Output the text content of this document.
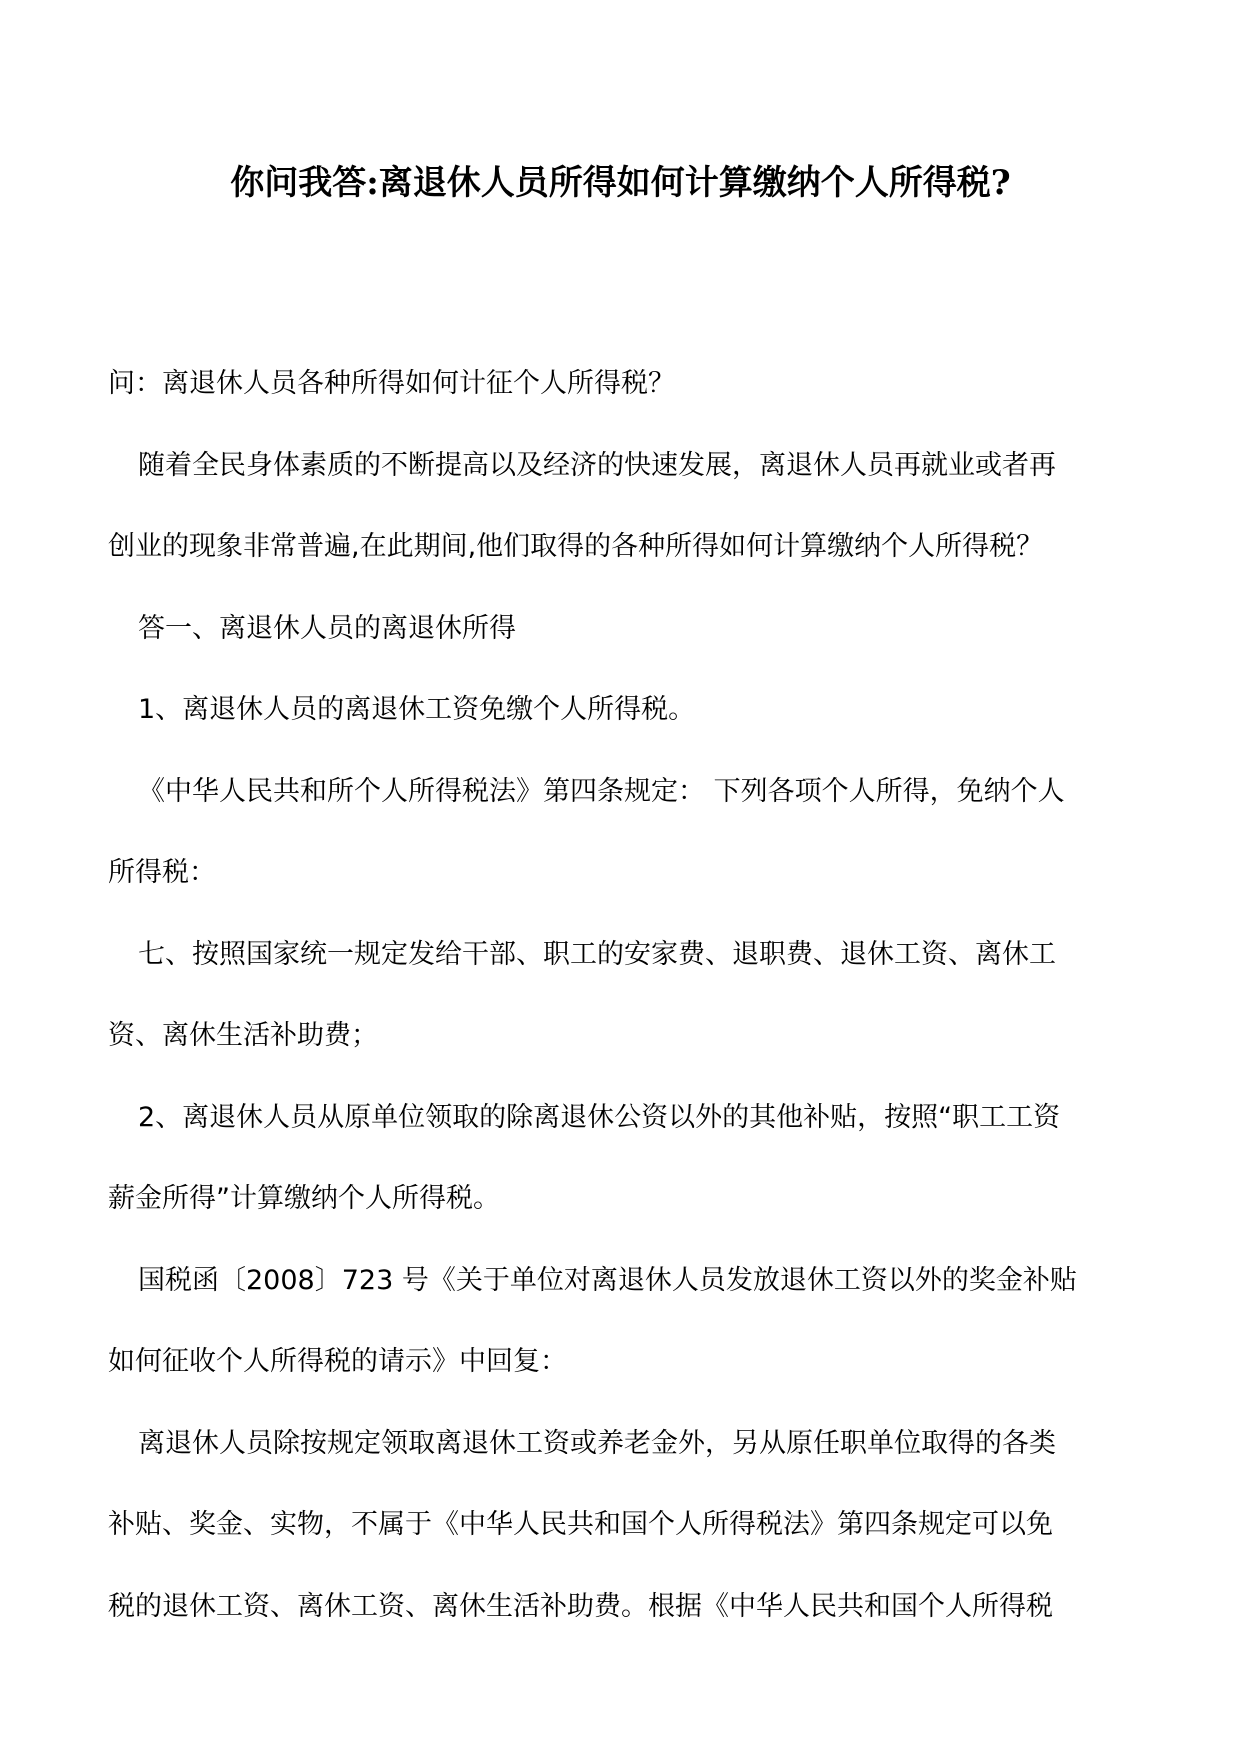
你问我答:离退休人员所得如何计算缴纳个人所得税?
问：离退休人员各种所得如何计征个人所得税？
随着全民身体素质的不断提高以及经济的快速发展，离退休人员再就业或者再
创业的现象非常普遍,在此期间,他们取得的各种所得如何计算缴纳个人所得税？
答一、离退休人员的离退休所得
1、离退休人员的离退休工资免缴个人所得税。
《中华人民共和所个人所得税法》第四条规定： 下列各项个人所得，免纳个人
所得税：
七、按照国家统一规定发给干部、职工的安家费、退职费、退休工资、离休工
资、离休生活补助费；
2、离退休人员从原单位领取的除离退休公资以外的其他补贴，按照“职工工资
薪金所得”计算缴纳个人所得税。
国税函〔2008〕723 号《关于单位对离退休人员发放退休工资以外的奖金补贴
如何征收个人所得税的请示》中回复：
离退休人员除按规定领取离退休工资或养老金外，另从原任职单位取得的各类
补贴、奖金、实物，不属于《中华人民共和国个人所得税法》第四条规定可以免
税的退休工资、离休工资、离休生活补助费。根据《中华人民共和国个人所得税
